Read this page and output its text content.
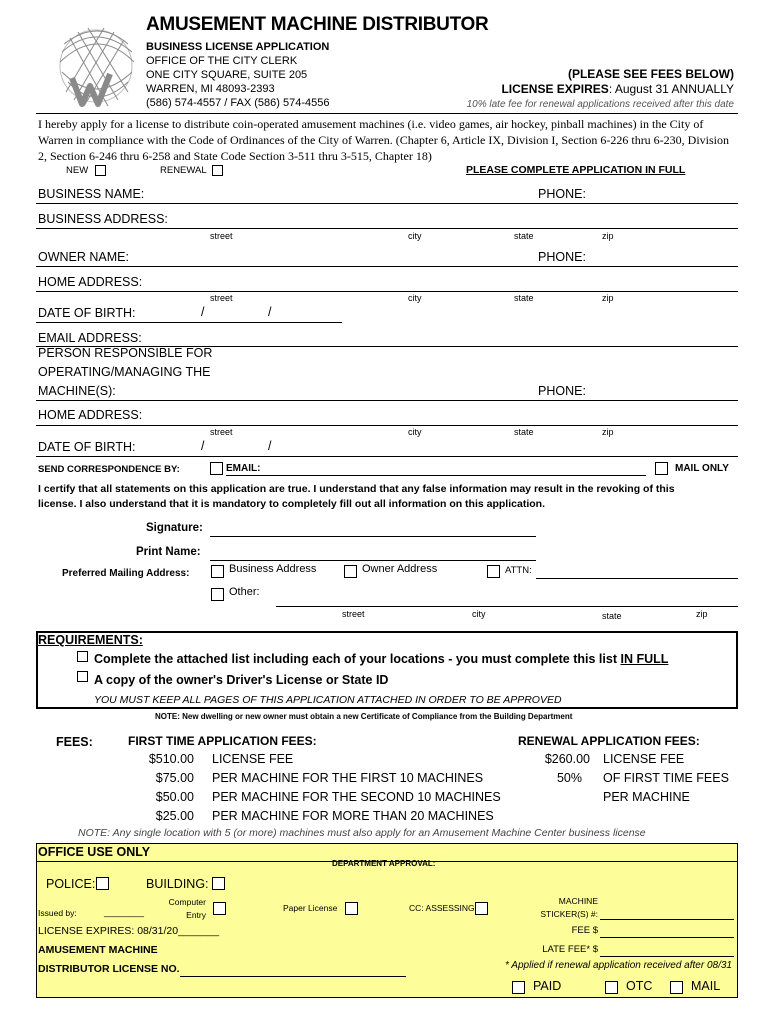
AMUSEMENT MACHINE DISTRIBUTOR
BUSINESS LICENSE APPLICATION
OFFICE OF THE CITY CLERK
ONE CITY SQUARE, SUITE 205
WARREN, MI 48093-2393
(586) 574-4557 / FAX (586) 574-4556
(PLEASE SEE FEES BELOW)
LICENSE EXPIRES: August 31 ANNUALLY
10% late fee for renewal applications received after this date
I hereby apply for a license to distribute coin-operated amusement machines (i.e. video games, air hockey, pinball machines) in the City of
Warren in compliance with the Code of Ordinances of the City of Warren. (Chapter 6, Article IX, Division I, Section 6-226 thru 6-230, Division
2, Section 6-246 thru 6-258 and State Code Section 3-511 thru 3-515, Chapter 18)
NEW	RENEWAL	PLEASE COMPLETE APPLICATION IN FULL
BUSINESS NAME:	PHONE:
BUSINESS ADDRESS:
street	city	state	zip
OWNER NAME:	PHONE:
HOME ADDRESS:
street	city	state	zip
DATE OF BIRTH:	/	/
EMAIL ADDRESS:
PERSON RESPONSIBLE FOR
OPERATING/MANAGING THE
MACHINE(S):	PHONE:
HOME ADDRESS:
street	city	state	zip
DATE OF BIRTH:	/	/
SEND CORRESPONDENCE BY:	EMAIL:	MAIL ONLY
I certify that all statements on this application are true. I understand that any false information may result in the revoking of this
license. I also understand that it is mandatory to completely fill out all information on this application.
Signature:
Print Name:
Preferred Mailing Address:	Business Address	Owner Address	ATTN:
Other:
street	city	state	zip
REQUIREMENTS:
Complete the attached list including each of your locations - you must complete this list IN FULL
A copy of the owner's Driver's License or State ID
YOU MUST KEEP ALL PAGES OF THIS APPLICATION ATTACHED IN ORDER TO BE APPROVED
NOTE: New dwelling or new owner must obtain a new Certificate of Compliance from the Building Department
FEES:	FIRST TIME APPLICATION FEES:
$510.00 LICENSE FEE
$75.00 PER MACHINE FOR THE FIRST 10 MACHINES
$50.00 PER MACHINE FOR THE SECOND 10 MACHINES
$25.00 PER MACHINE FOR MORE THAN 20 MACHINES
RENEWAL APPLICATION FEES:
$260.00 LICENSE FEE
50% OF FIRST TIME FEES
PER MACHINE
NOTE: Any single location with 5 (or more) machines must also apply for an Amusement Machine Center business license
OFFICE USE ONLY
DEPARTMENT APPROVAL:
POLICE:	BUILDING:
Issued by:	________
Computer
Entry
Paper License	CC: ASSESSING
MACHINE
STICKER(S) #:
LICENSE EXPIRES: 08/31/20_______	FEE $
AMUSEMENT MACHINE	LATE FEE* $
* Applied if renewal application received after 08/31
DISTRIBUTOR LICENSE NO.
PAID	OTC	MAIL
